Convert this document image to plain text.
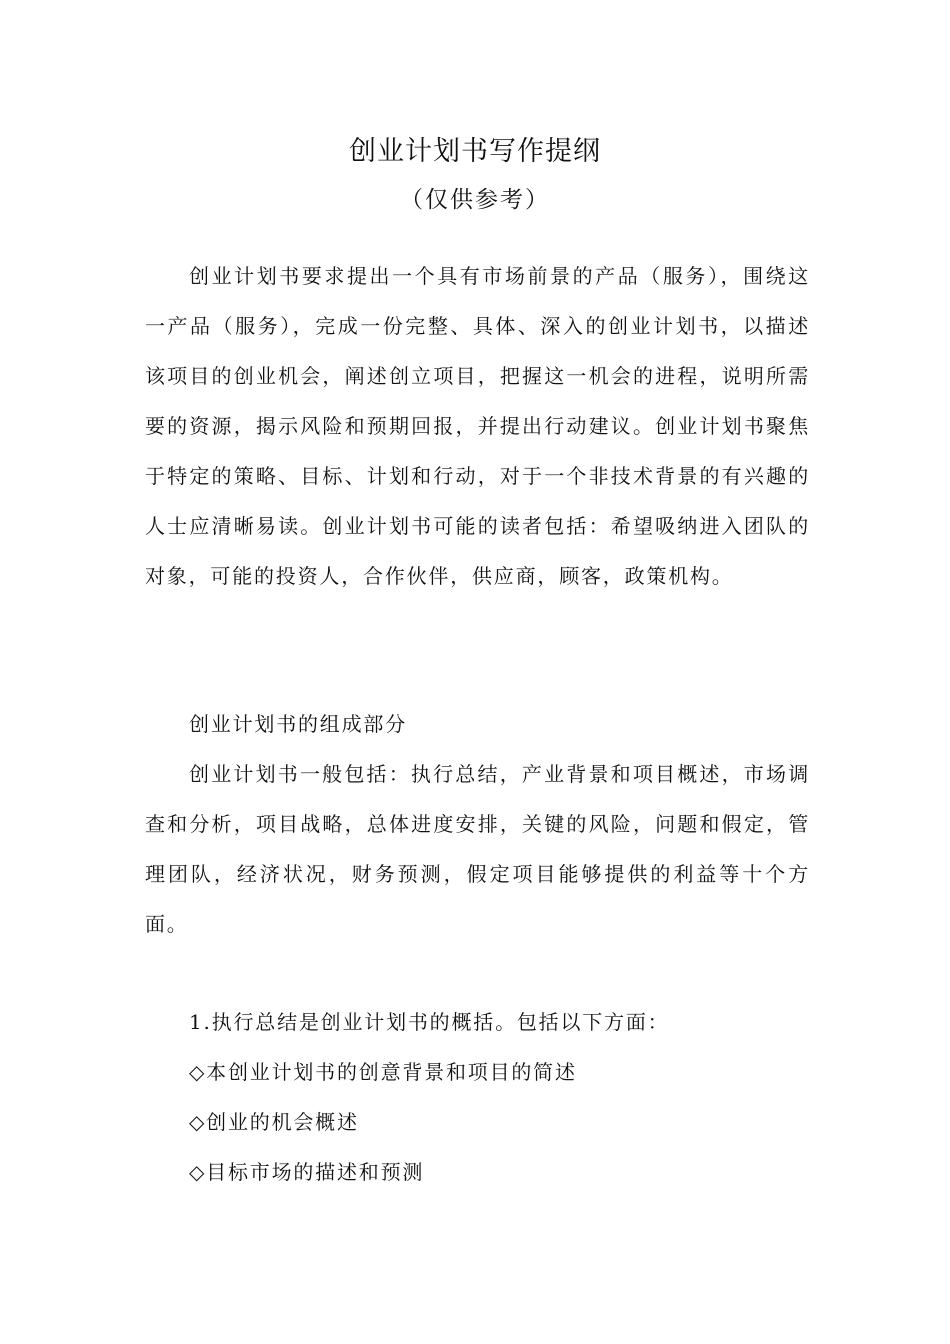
创业计划书写作提纲
（仅供参考）

创业计划书要求提出一个具有市场前景的产品（服务），围绕这一产品（服务），完成一份完整、具体、深入的创业计划书，以描述该项目的创业机会，阐述创立项目，把握这一机会的进程，说明所需要的资源，揭示风险和预期回报，并提出行动建议。创业计划书聚焦于特定的策略、目标、计划和行动，对于一个非技术背景的有兴趣的人士应清晰易读。创业计划书可能的读者包括：希望吸纳进入团队的对象，可能的投资人，合作伙伴，供应商，顾客，政策机构。

创业计划书的组成部分

创业计划书一般包括：执行总结，产业背景和项目概述，市场调查和分析，项目战略，总体进度安排，关键的风险，问题和假定，管理团队，经济状况，财务预测，假定项目能够提供的利益等十个方面。

1.执行总结是创业计划书的概括。包括以下方面：

◇本创业计划书的创意背景和项目的简述

◇创业的机会概述

◇目标市场的描述和预测
